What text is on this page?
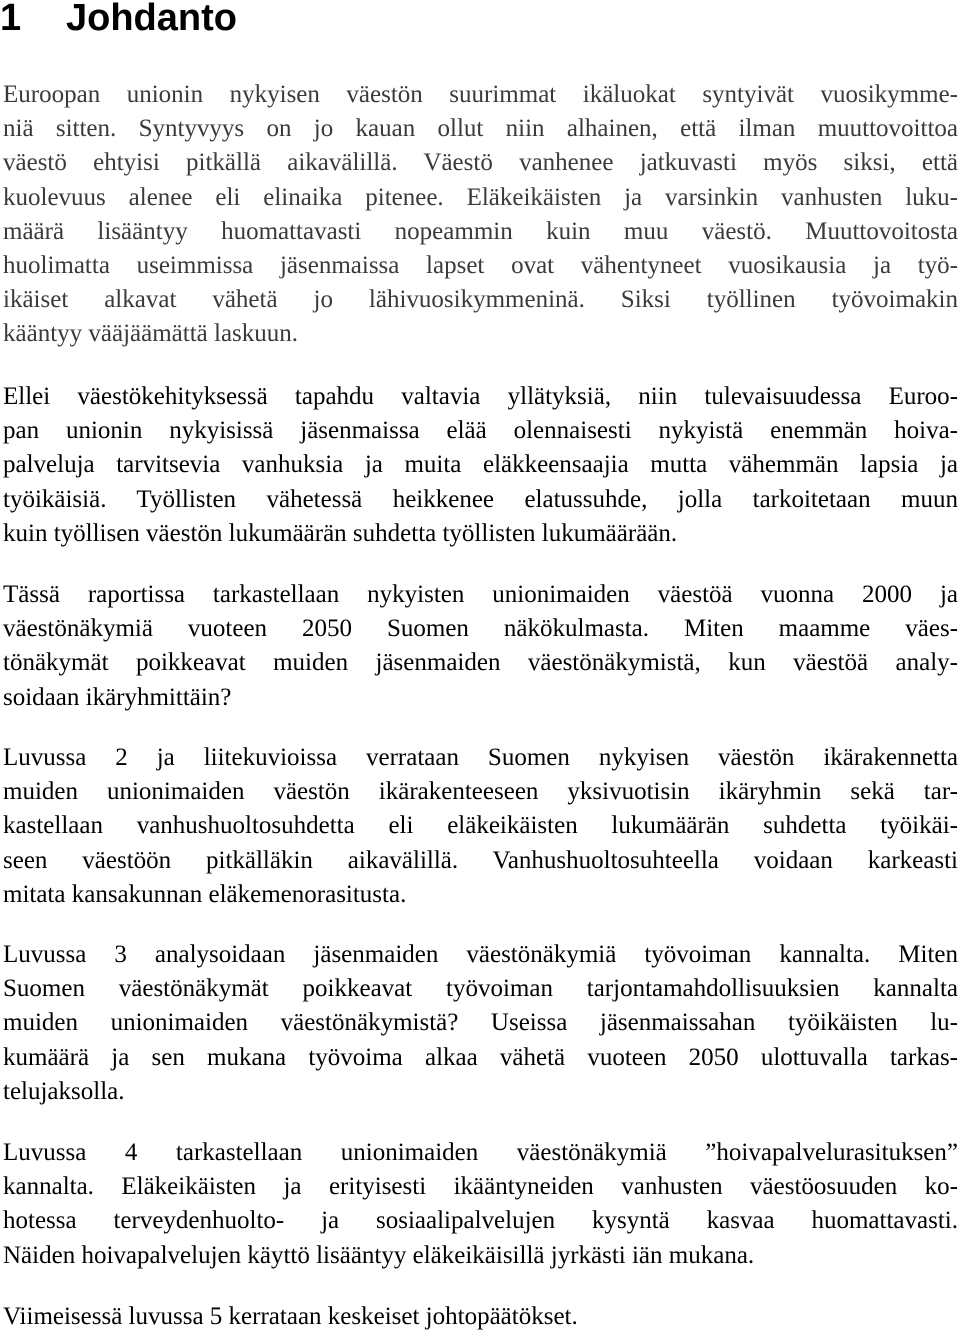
1 Johdanto

Euroopan unionin nykyisen väestön suurimmat ikäluokat syntyivät vuosikymme-
niä sitten. Syntyvyys on jo kauan ollut niin alhainen, että ilman muuttovoittoa
väestö ehtyisi pitkällä aikavälillä. Väestö vanhenee jatkuvasti myös siksi, että
kuolevuus alenee eli elinaika pitenee. Eläkeikäisten ja varsinkin vanhusten luku-
määrä lisääntyy huomattavasti nopeammin kuin muu väestö. Muuttovoitosta
huolimatta useimmissa jäsenmaissa lapset ovat vähentyneet vuosikausia ja työ-
ikäiset alkavat vähetä jo lähivuosikymmeninä. Siksi työllinen työvoimakin
kääntyy vääjäämättä laskuun.

Ellei väestökehityksessä tapahdu valtavia yllätyksiä, niin tulevaisuudessa Euroo-
pan unionin nykyisissä jäsenmaissa elää olennaisesti nykyistä enemmän hoiva-
palveluja tarvitsevia vanhuksia ja muita eläkkeensaajia mutta vähemmän lapsia ja
työikäisiä. Työllisten vähetessä heikkenee elatussuhde, jolla tarkoitetaan muun
kuin työllisen väestön lukumäärän suhdetta työllisten lukumäärään.

Tässä raportissa tarkastellaan nykyisten unionimaiden väestöä vuonna 2000 ja
väestönäkymiä vuoteen 2050 Suomen näkökulmasta. Miten maamme väes-
tönäkymät poikkeavat muiden jäsenmaiden väestönäkymistä, kun väestöä analy-
soidaan ikäryhmittäin?

Luvussa 2 ja liitekuvioissa verrataan Suomen nykyisen väestön ikärakennetta
muiden unionimaiden väestön ikärakenteeseen yksivuotisin ikäryhmin sekä tar-
kastellaan vanhushuoltosuhdetta eli eläkeikäisten lukumäärän suhdetta työikäi-
seen väestöön pitkälläkin aikavälillä. Vanhushuoltosuhteella voidaan karkeasti
mitata kansakunnan eläkemenorasitusta.

Luvussa 3 analysoidaan jäsenmaiden väestönäkymiä työvoiman kannalta. Miten
Suomen väestönäkymät poikkeavat työvoiman tarjontamahdollisuuksien kannalta
muiden unionimaiden väestönäkymistä? Useissa jäsenmaissahan työikäisten lu-
kumäärä ja sen mukana työvoima alkaa vähetä vuoteen 2050 ulottuvalla tarkas-
telujaksolla.

Luvussa 4 tarkastellaan unionimaiden väestönäkymiä ”hoivapalvelurasituksen”
kannalta. Eläkeikäisten ja erityisesti ikääntyneiden vanhusten väestöosuuden ko-
hotessa terveydenhuolto- ja sosiaalipalvelujen kysyntä kasvaa huomattavasti.
Näiden hoivapalvelujen käyttö lisääntyy eläkeikäisillä jyrkästi iän mukana.

Viimeisessä luvussa 5 kerrataan keskeiset johtopäätökset.
